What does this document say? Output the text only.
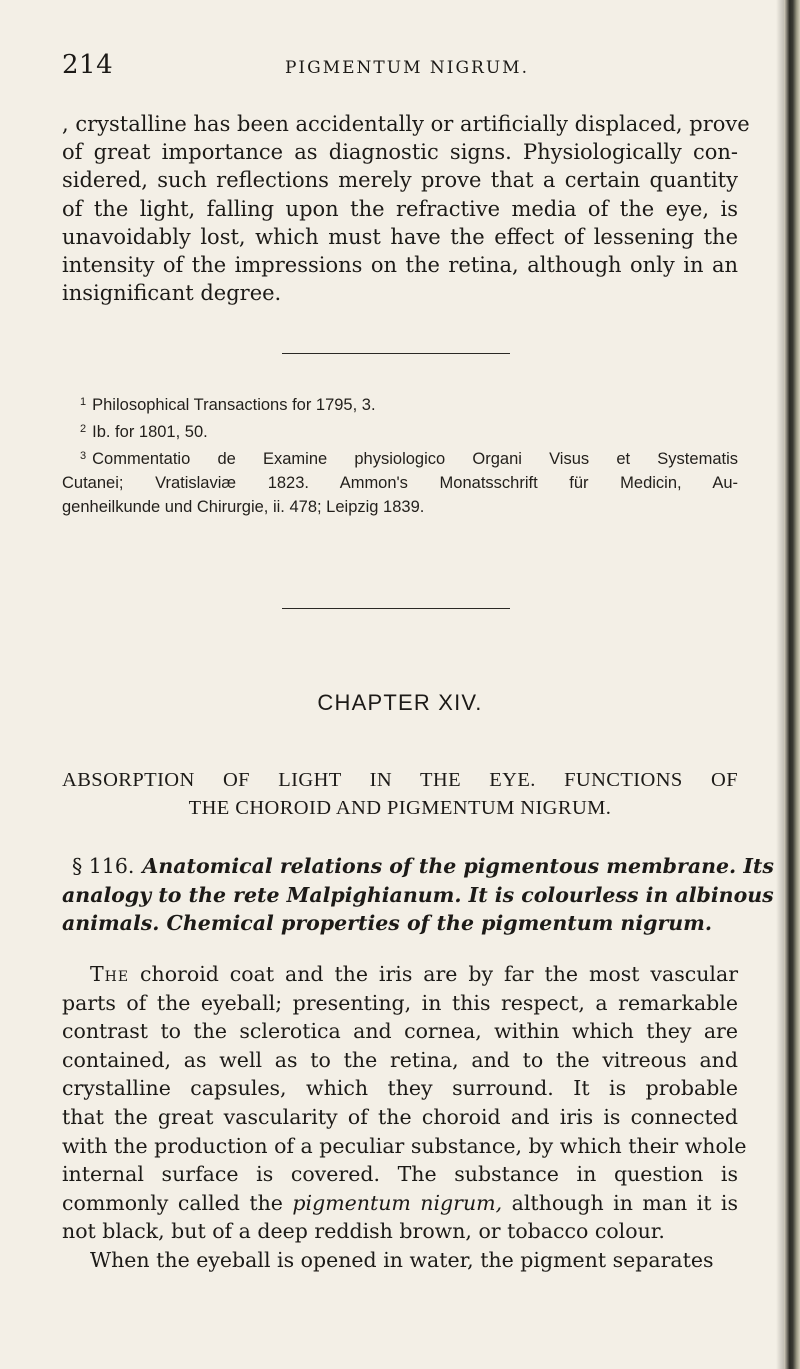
214	PIGMENTUM NIGRUM.
, crystalline has been accidentally or artificially displaced, prove
of great importance as diagnostic signs. Physiologically con-
sidered, such reflections merely prove that a certain quantity
of the light, falling upon the refractive media of the eye, is
unavoidably lost, which must have the effect of lessening the
intensity of the impressions on the retina, although only in an
insignificant degree.
$^1$ Philosophical Transactions for 1795, 3.
$^2$ Ib. for 1801, 50.
$^3$ Commentatio de Examine physiologico Organi Visus et Systematis
Cutanei; Vratislaviæ 1823. Ammon's Monatsschrift für Medicin, Au-
genheilkunde und Chirurgie, ii. 478; Leipzig 1839.
CHAPTER XIV.
ABSORPTION OF LIGHT IN THE EYE. FUNCTIONS OF
THE CHOROID AND PIGMENTUM NIGRUM.
§ 116. Anatomical relations of the pigmentous membrane. Its
analogy to the rete Malpighianum. It is colourless in albinous
animals. Chemical properties of the pigmentum nigrum.
The choroid coat and the iris are by far the most vascular
parts of the eyeball; presenting, in this respect, a remarkable
contrast to the sclerotica and cornea, within which they are
contained, as well as to the retina, and to the vitreous and
crystalline capsules, which they surround. It is probable
that the great vascularity of the choroid and iris is connected
with the production of a peculiar substance, by which their whole
internal surface is covered. The substance in question is
commonly called the pigmentum nigrum, although in man it is
not black, but of a deep reddish brown, or tobacco colour.
When the eyeball is opened in water, the pigment separates
